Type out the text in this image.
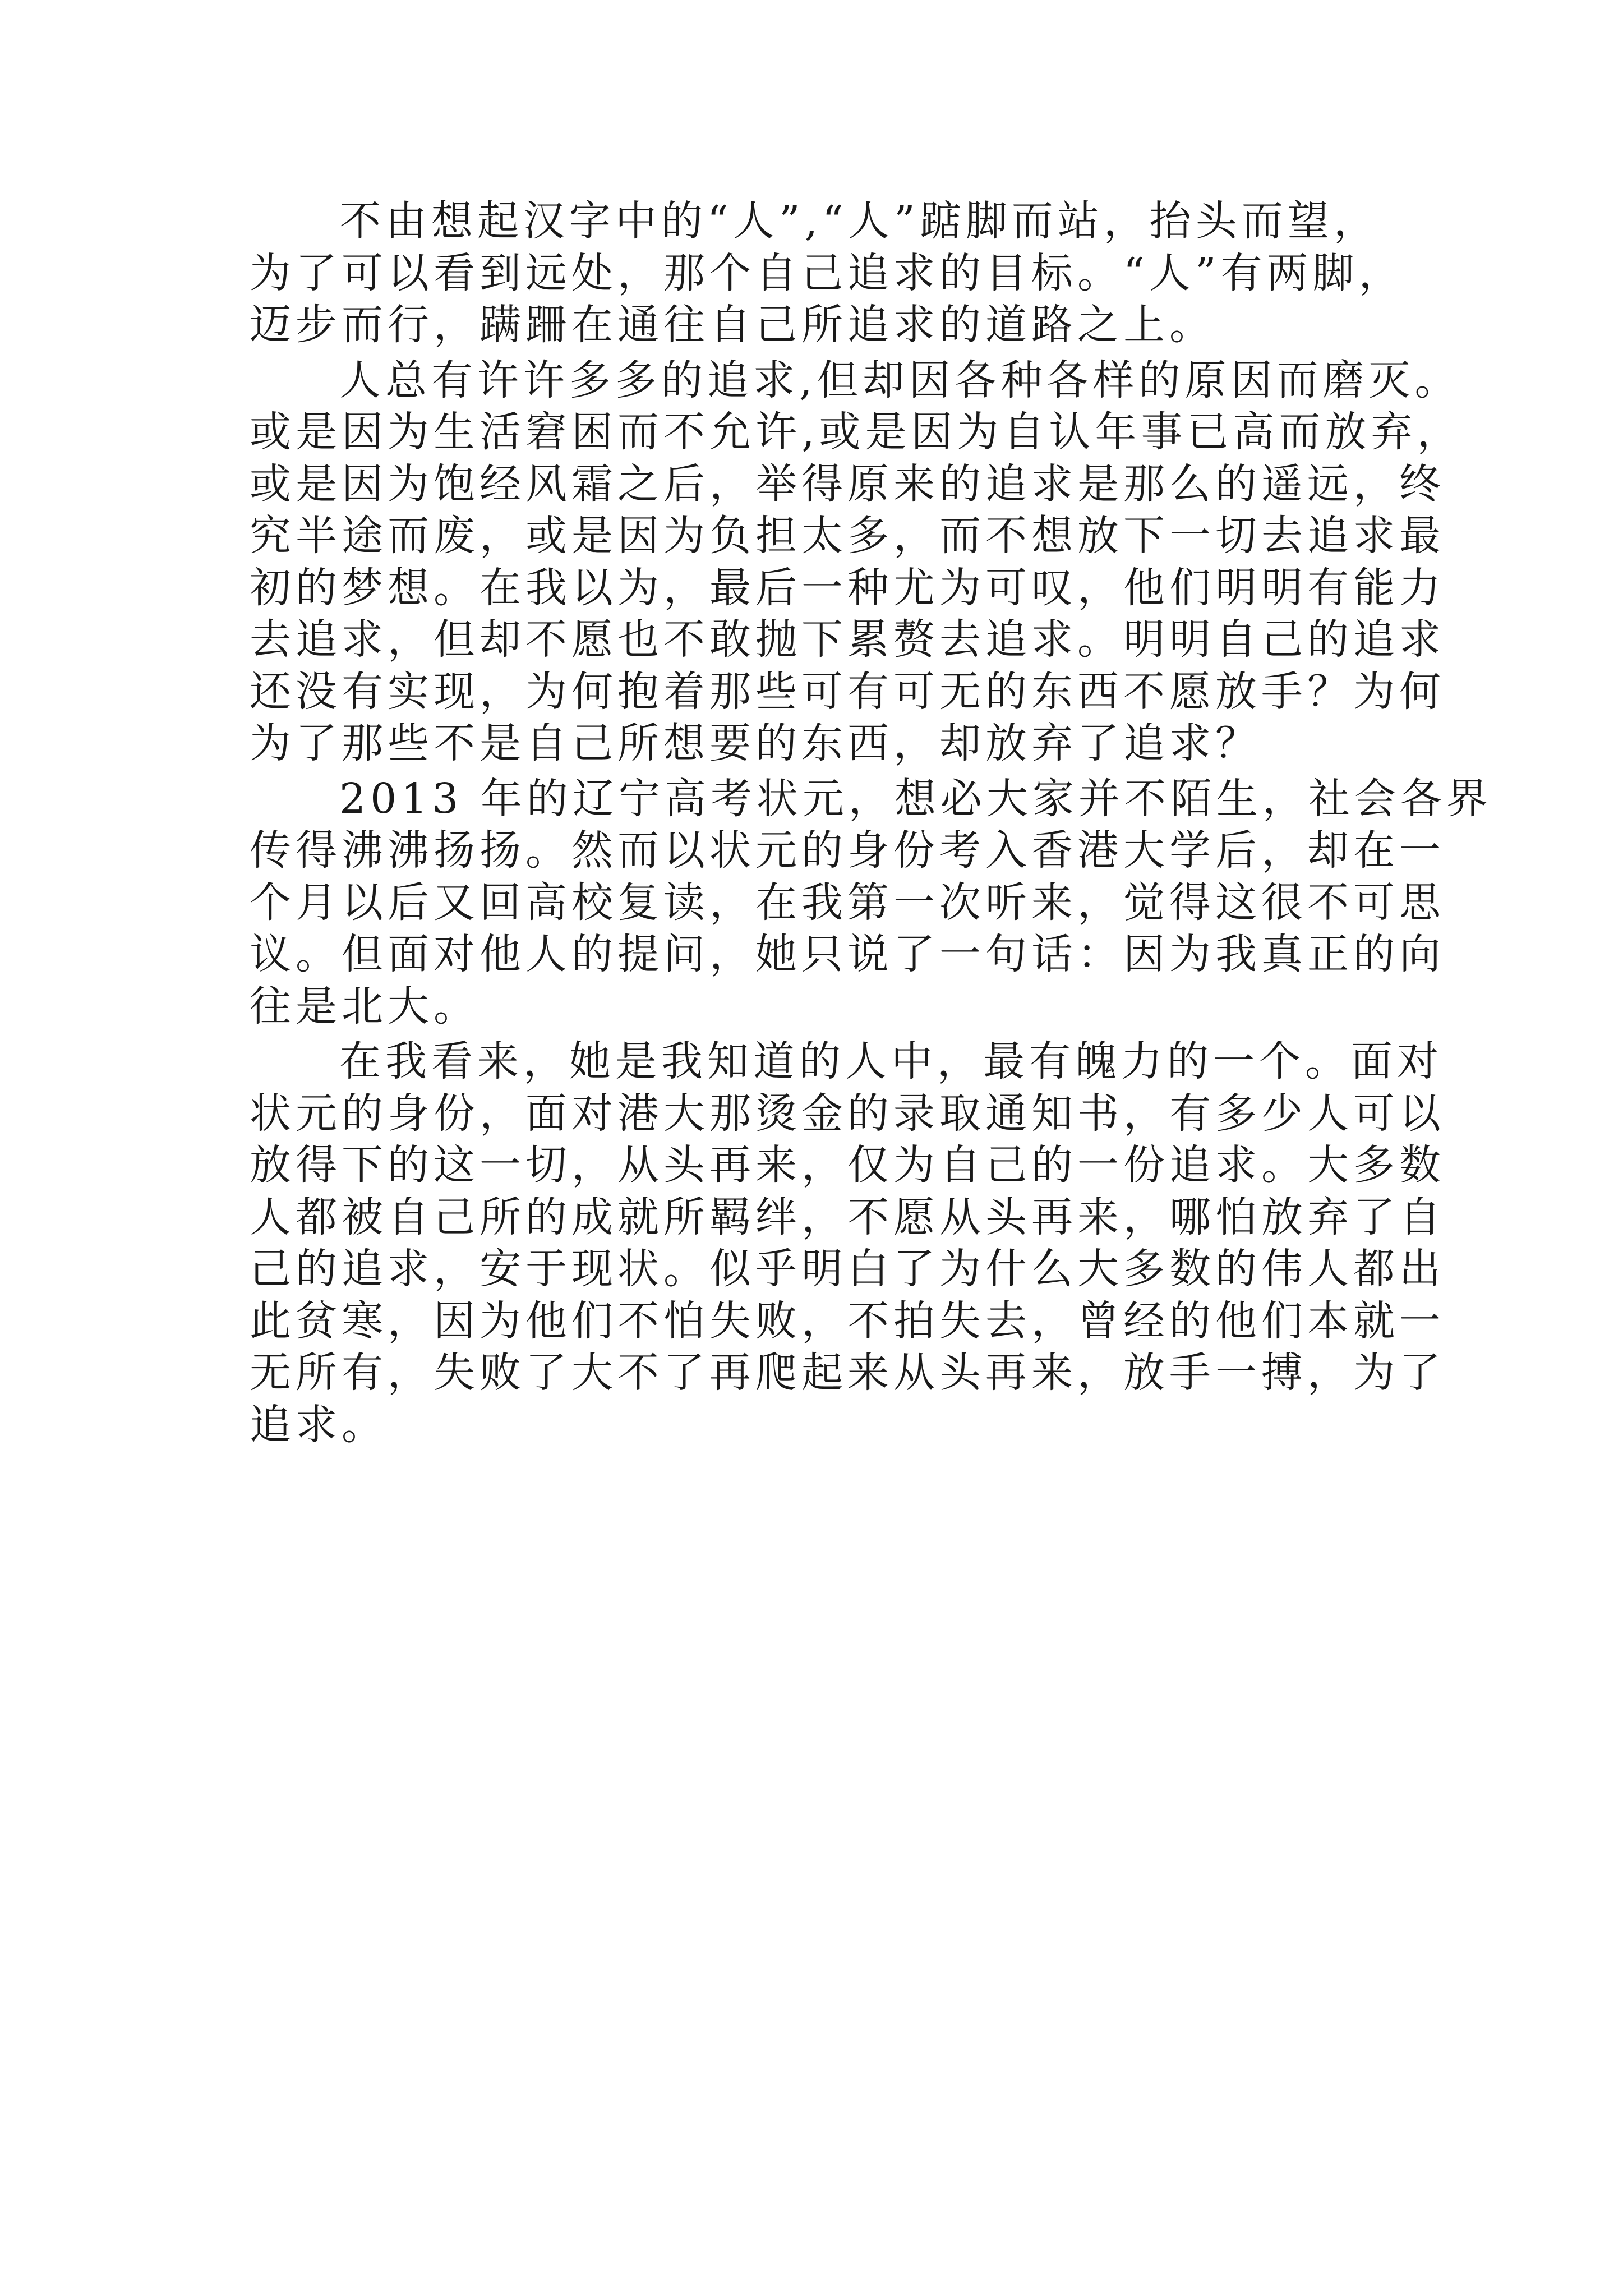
不由想起汉字中的“人”,“人”踮脚而站，抬头而望，
为了可以看到远处，那个自己追求的目标。“人”有两脚，
迈步而行，蹒跚在通往自己所追求的道路之上。

人总有许许多多的追求,但却因各种各样的原因而磨灭。
或是因为生活窘困而不允许,或是因为自认年事已高而放弃，
或是因为饱经风霜之后，举得原来的追求是那么的遥远，终
究半途而废，或是因为负担太多，而不想放下一切去追求最
初的梦想。在我以为，最后一种尤为可叹，他们明明有能力
去追求，但却不愿也不敢抛下累赘去追求。明明自己的追求
还没有实现，为何抱着那些可有可无的东西不愿放手？为何
为了那些不是自己所想要的东西，却放弃了追求？

2013 年的辽宁高考状元，想必大家并不陌生，社会各界
传得沸沸扬扬。然而以状元的身份考入香港大学后，却在一
个月以后又回高校复读，在我第一次听来，觉得这很不可思
议。但面对他人的提问，她只说了一句话：因为我真正的向
往是北大。

在我看来，她是我知道的人中，最有魄力的一个。面对
状元的身份，面对港大那烫金的录取通知书，有多少人可以
放得下的这一切，从头再来，仅为自己的一份追求。大多数
人都被自己所的成就所羁绊，不愿从头再来，哪怕放弃了自
己的追求，安于现状。似乎明白了为什么大多数的伟人都出
此贫寒，因为他们不怕失败，不拍失去，曾经的他们本就一
无所有，失败了大不了再爬起来从头再来，放手一搏，为了
追求。
